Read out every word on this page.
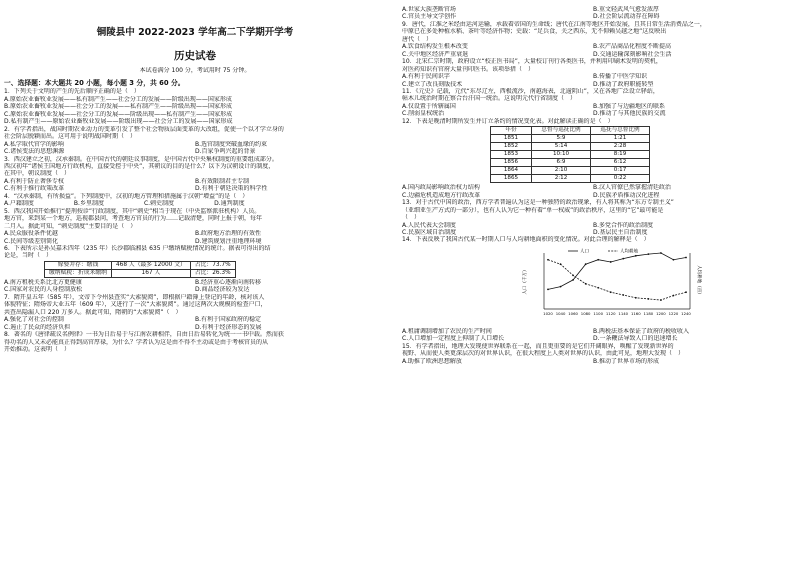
铜陵县中 2022-2023 学年高二下学期开学考
历史试卷
本试卷满分 100 分，考试用时 75 分钟。
一、选择题：本大题共 20 小题，每小题 3 分，共 60 分。
1．下列关于文明的产生的先后顺序正确的是（　）
A.原始农业畜牧业发展——私有制产生——社会分工的发展——阶级出现——国家形成
B.原始农业畜牧业发展——社会分工的发展——私有制产生——阶级出现——国家形成
C.原始农业畜牧业发展——社会分工的发展——阶级出现——私有制产生——国家形成
D.私有制产生——原始农业畜牧业发展——阶级出现——社会分工的发展——国家形成
2．有学者指出，战国时期农业动力的变革引发了整个社会物质层面变革的大改组，促使一个以才学立身的
社会阶层脱颖而出。这可用于说明战国时期（　）
A.私学取代官学的影响	B.选官制度突破血缘的约束
C.诸侯变法的思想渊源	D.百家争鸣兴起的背景
3．西汉建立之初，汉承秦制。在中国古代的朝廷议事制度，是中国古代中央集权制度的重要组成部分。
西汉初年“诸侯王国地方行政机构，直接受控于中央”，其朝议的目的是什么？以下为汉朝设计的制度，
在其中，朝议制度（　）
A.有利于防止奢侈专权	B.有效限制君主专制
C.有利于推行政策改革	D.有利于朝廷决策的科学性
4．“汉承秦制，有所损益”。下列制度中，汉初的地方管理和措施属于汉朝“增益”的是（　）
A.户籍制度	B.乡里制度	C.刺史制度	D.通判制度
5．西汉我国开始推行“提刑按诊”行政制度，其中“刺史”相当于现在（中央监察派驻机构）人员。
地方官，来到某一个地方，巡视郡县问，考查地方官员的行为……记载清楚，同时上报于朝，每年
二月入。据此可知，“刺史制度”主要目的是（　）
A.民众服役条件优越	B.政府地方治理的有效性
C.民间等级差别简化	D.建筑规划注重地理环境
6．下表所示是孙吴嘉禾四年（235 年）长沙郡临湘县 635 户缴纳赋税情况的统计。据表可得出的结
论是，当时（　）
嫁娶并存：缴钱	468 人（最多 12000 文）	占比：73.7%
缴纳赋税：折成米缴纳	167 人	占比：26.3%
A.南方租税关系比北方更健康	B.经济重心逐渐向南转移
C.国家对农民的人身控制放松	D.商品经济较为发达
7．隋开皇五年（585 年），文帝下令州县查实“大索貌阅”，即根据户籍簿上登记的年龄，核对该人
体貌特征；隋炀帝大业五年（609 年），又进行了一次“大索貌阅”。通过这两次大规模的检查户口，
共查出隐漏人口 220 万多人。据此可知，隋朝的“大索貌阅”（　）
A.强化了对社会的控制	B.有利于国家政府的稳定
C.遏止了民众的经济负担	D.有利于经济形态的发展
8．著名的《唐律疏议名例律》一书为日后易于与江南农耕相伴，自由日后易转化为统一一书中载。然而获
得功名的人又未必能真正得到高官厚禄，为什么？学者认为这是由不得不主动或是由于考核官员的从
开始推动。这表明（　）
A.世家大族垄断官场	B.重文轻武风气愈发浓厚
C.官员主导文学创作	D.社会阶层流动存在障碍
9．唐代，江淮之米经由运河运输，承载着帝国的生命线；唐代在江南等地区开始发展，且其日常生活消费品之一，
中原已在多处种植水稻、茶叶等经济作物；史载：“足兵食，关之西东，无不仰赖吴越之地”这反映出
唐代（　）
A.饮食结构发生根本改变	B.农产品商品化程度不断提高
C.关中地区经济严重衰退	D.交通运输深刻影响社会生活
10．北宋仁宗时期，政府设立“校正医书局”，大量校订刊行各类医书，并利用印刷术发明的契机，
对医药知识有官府大量刊印医书。该项举措（　）
A.有利于民间识字	B.传播了中医学知识
C.建立了改良刻版技术	D.推动了政府职能转型
11．《元史》记载，元代“东尽辽左，西极流沙，南越海表，北逾阴山”，又在各地广泛设立驿站，
帖木儿统治时期在察合台汗国一统治。这说明元代行省制度（　）
A.仅设置于所辖属国	B.加强了与边疆地区的联系
C.削弱皇权统治	D.推动了与其他民族的交流
12．下表是晚清时期所发生并订立条约的情况变化表。对此解读正确的是（　）
年份	总督与巡抚比例	巡抚与总督比例
1851	5:9	1:21
1852	5:14	2:28
1853	10:10	8:19
1856	6:9	6:12
1864	2:10	0:17
1865	2:12	0:22
A.国内政局影响政治权力结构	B.汉人官僚已然掌握清廷政治
C.边疆危机造成地方行政改革	D.民族矛盾推动汉化进程
13．对于古代中国的政治，西方学者普遍认为这是一种独特的政治现象，有人将其称为“东方专制主义”
（亚细亚生产方式的一部分），也有人认为它一种有着“单一权威”的政治秩序，这里的“它”最可能是
（　）
A.人民代表大会制度	B.多党合作的政治制度
C.民族区域自治制度	D.基层民主自治制度
14．下表反映了我国古代某一时期人口与人均耕地面积的变化情况。对此合理的解释是（　）
人口（千万）	人均耕地（亩）
1020 1040 1060 1080 1100 1120 1140 1160 1180 1200 1220 1240
人口	人均耕地
A.租庸调制增加了农民的生产时间	B.两税法基本保证了政府的税收收入
C.人口增加一定程度上抑制了人口增长	D.一条鞭法导致人口的迅速增长
15．有学者指出，地理大发现使世界联系在一起，而且更重要的是它们开阔眼界，唤醒了发现新世界的
视野、从而使人类更深层次的对世界认识，在很大程度上人类对世界的认识，由此可见，地理大发现（　）
A.助推了欧洲思想解放	B.推动了世界市场的形成
